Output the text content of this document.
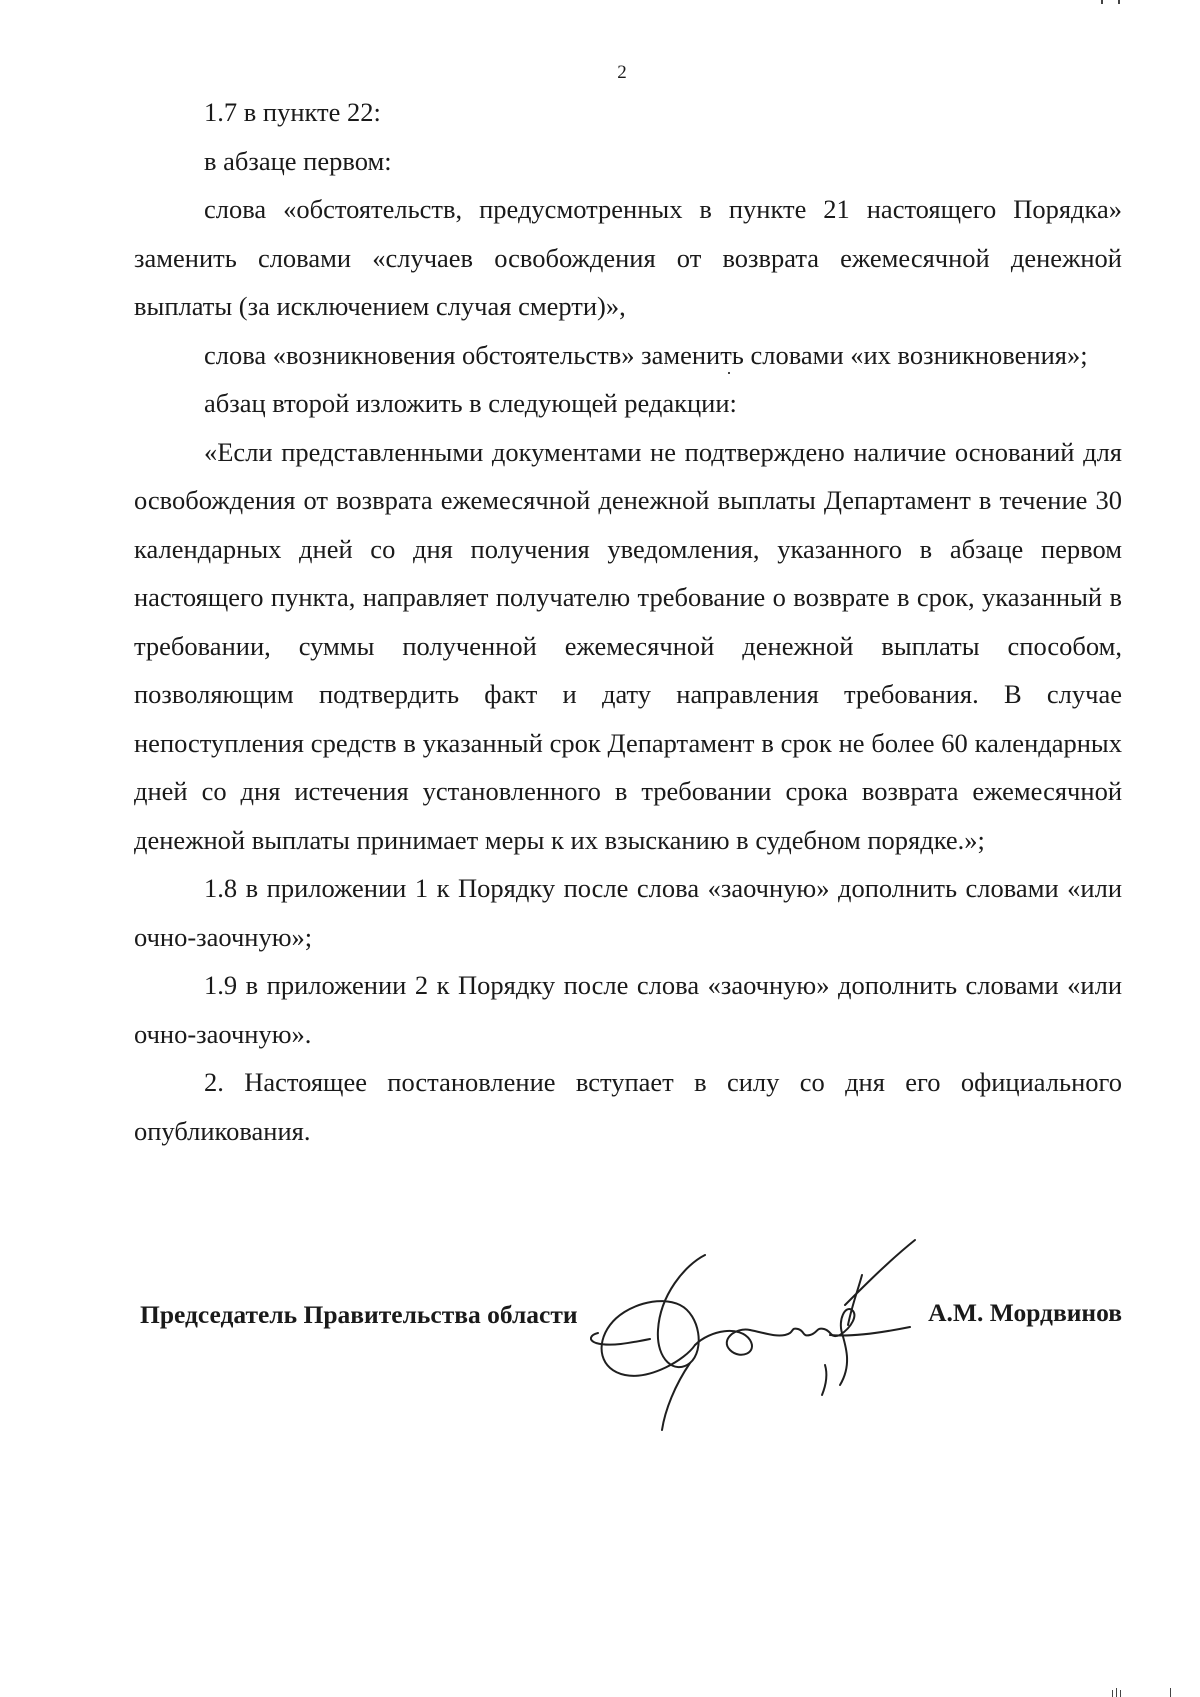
2

1.7 в пункте 22:

в абзаце первом:

слова «обстоятельств, предусмотренных в пункте 21 настоящего Порядка» заменить словами «случаев освобождения от возврата ежемесячной денежной выплаты (за исключением случая смерти)»,

слова «возникновения обстоятельств» заменить словами «их возникновения»;

абзац второй изложить в следующей редакции:

«Если представленными документами не подтверждено наличие оснований для освобождения от возврата ежемесячной денежной выплаты Департамент в течение 30 календарных дней со дня получения уведомления, указанного в абзаце первом настоящего пункта, направляет получателю требование о возврате в срок, указанный в требовании, суммы полученной ежемесячной денежной выплаты способом, позволяющим подтвердить факт и дату направления требования. В случае непоступления средств в указанный срок Департамент в срок не более 60 календарных дней со дня истечения установленного в требовании срока возврата ежемесячной денежной выплаты принимает меры к их взысканию в судебном порядке.»;

1.8 в приложении 1 к Порядку после слова «заочную» дополнить словами «или очно-заочную»;

1.9 в приложении 2 к Порядку после слова «заочную» дополнить словами «или очно-заочную».

2. Настоящее постановление вступает в силу со дня его официального опубликования.

Председатель Правительства области	А.М. Мордвинов
